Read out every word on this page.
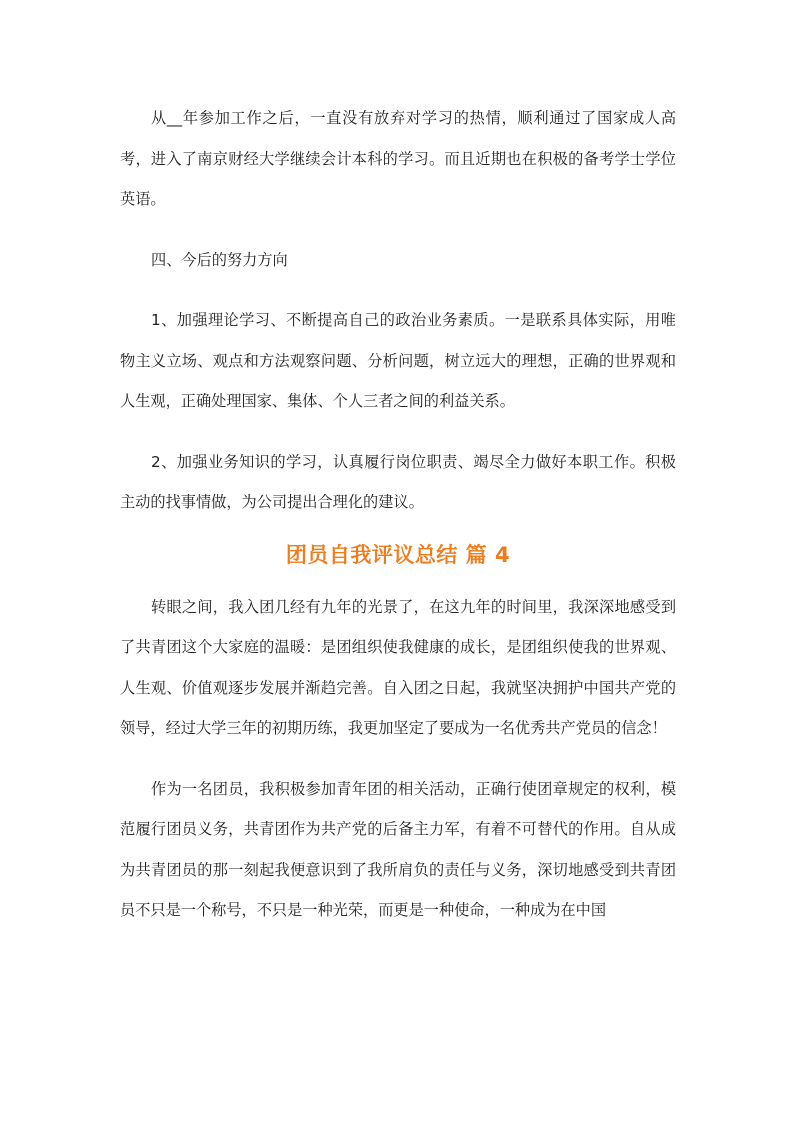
从__年参加工作之后，一直没有放弃对学习的热情，顺利通过了国家成人高考，进入了南京财经大学继续会计本科的学习。而且近期也在积极的备考学士学位英语。

四、今后的努力方向

1、加强理论学习、不断提高自己的政治业务素质。一是联系具体实际，用唯物主义立场、观点和方法观察问题、分析问题，树立远大的理想，正确的世界观和人生观，正确处理国家、集体、个人三者之间的利益关系。

2、加强业务知识的学习，认真履行岗位职责、竭尽全力做好本职工作。积极主动的找事情做，为公司提出合理化的建议。

团员自我评议总结 篇 4

转眼之间，我入团几经有九年的光景了，在这九年的时间里，我深深地感受到了共青团这个大家庭的温暖：是团组织使我健康的成长，是团组织使我的世界观、人生观、价值观逐步发展并渐趋完善。自入团之日起，我就坚决拥护中国共产党的领导，经过大学三年的初期历练，我更加坚定了要成为一名优秀共产党员的信念！

作为一名团员，我积极参加青年团的相关活动，正确行使团章规定的权利，模范履行团员义务，共青团作为共产党的后备主力军，有着不可替代的作用。自从成为共青团员的那一刻起我便意识到了我所肩负的责任与义务，深切地感受到共青团员不只是一个称号，不只是一种光荣，而更是一种使命，一种成为在中国
